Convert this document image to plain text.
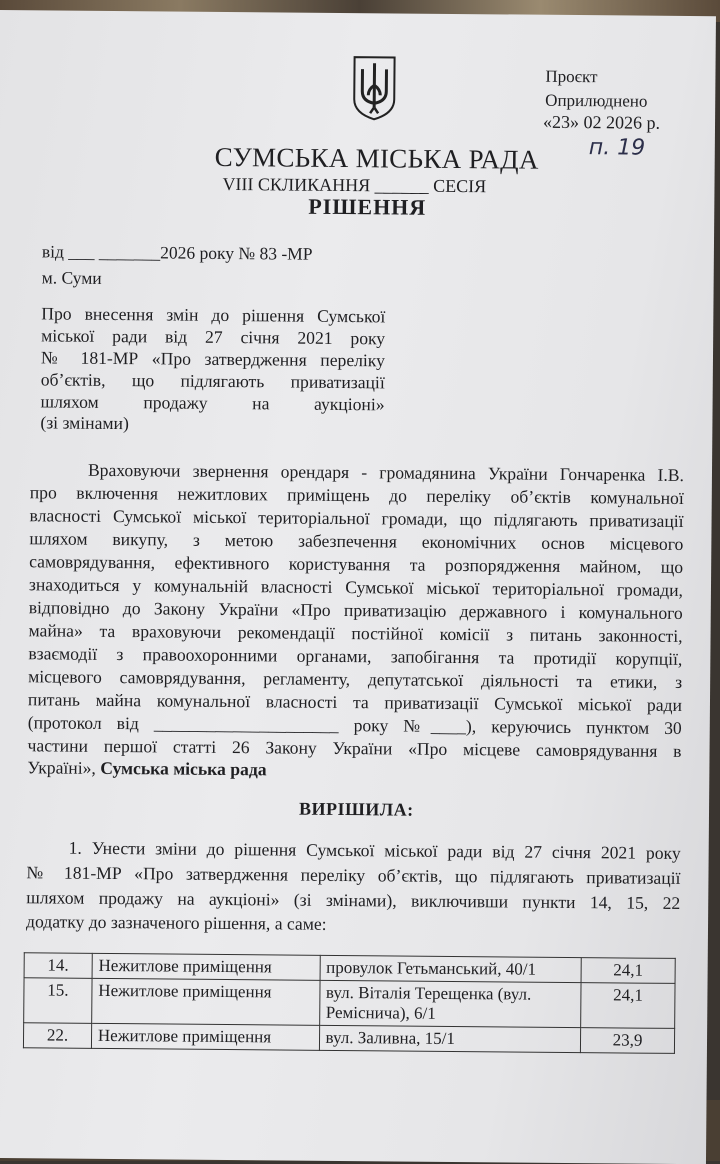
Проєкт
Оприлюднено
«23» 02 2026 р.
п. 19
СУМСЬКА МІСЬКА РАДА
VIII СКЛИКАННЯ ______ СЕСІЯ
РІШЕННЯ
від ___ _______2026 року № 83 -МР
м. Суми
Про внесення змін до рішення Сумської
міської ради від 27 січня 2021 року
№ 181-МР «Про затвердження переліку
об’єктів, що підлягають приватизації
шляхом продажу на аукціоні»
(зі змінами)
Враховуючи звернення орендаря - громадянина України Гончаренка І.В.
про включення нежитлових приміщень до переліку об’єктів комунальної
власності Сумської міської територіальної громади, що підлягають приватизації
шляхом викупу, з метою забезпечення економічних основ місцевого
самоврядування, ефективного користування та розпорядження майном, що
знаходиться у комунальній власності Сумської міської територіальної громади,
відповідно до Закону України «Про приватизацію державного і комунального
майна» та враховуючи рекомендації постійної комісії з питань законності,
взаємодії з правоохоронними органами, запобігання та протидії корупції,
місцевого самоврядування, регламенту, депутатської діяльності та етики, з
питань майна комунальної власності та приватизації Сумської міської ради
(протокол від _____________________ року №____), керуючись пунктом 30
частини першої статті 26 Закону України «Про місцеве самоврядування в
Україні», Сумська міська рада
ВИРІШИЛА:
1. Унести зміни до рішення Сумської міської ради від 27 січня 2021 року
№ 181-МР «Про затвердження переліку об’єктів, що підлягають приватизації
шляхом продажу на аукціоні» (зі змінами), виключивши пункти 14, 15, 22
додатку до зазначеного рішення, а саме:
14.	Нежитлове приміщення	провулок Гетьманський, 40/1	24,1
15.	Нежитлове приміщення	вул. Віталія Терещенка (вул. Ремісничa), 6/1	24,1
22.	Нежитлове приміщення	вул. Заливна, 15/1	23,9
